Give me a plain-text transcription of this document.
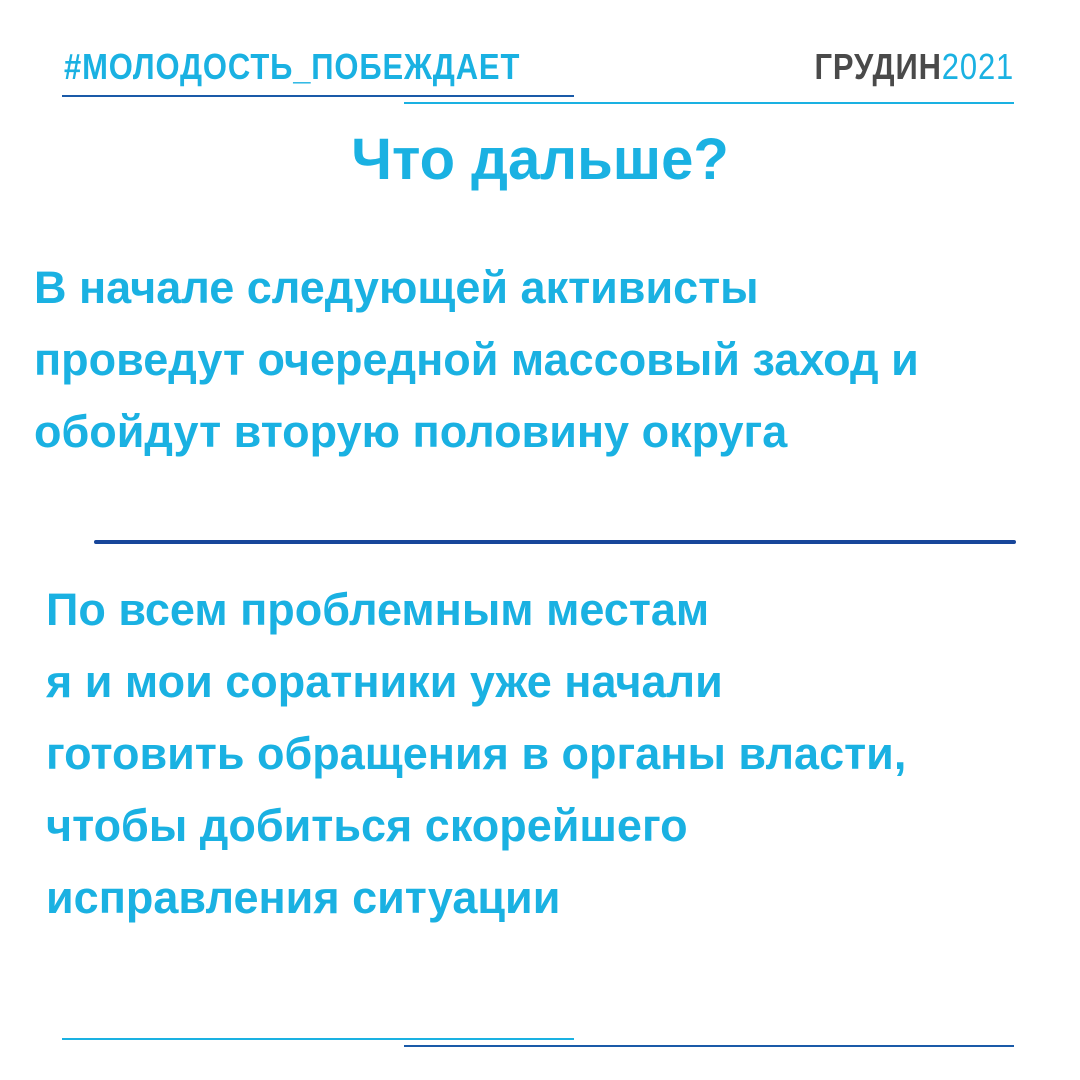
#МОЛОДОСТЬ_ПОБЕЖДАЕТ	ГРУДИН2021
Что дальше?
В начале следующей активисты
проведут очередной массовый заход и
обойдут вторую половину округа
По всем проблемным местам
я и мои соратники уже начали
готовить обращения в органы власти,
чтобы добиться скорейшего
исправления ситуации
